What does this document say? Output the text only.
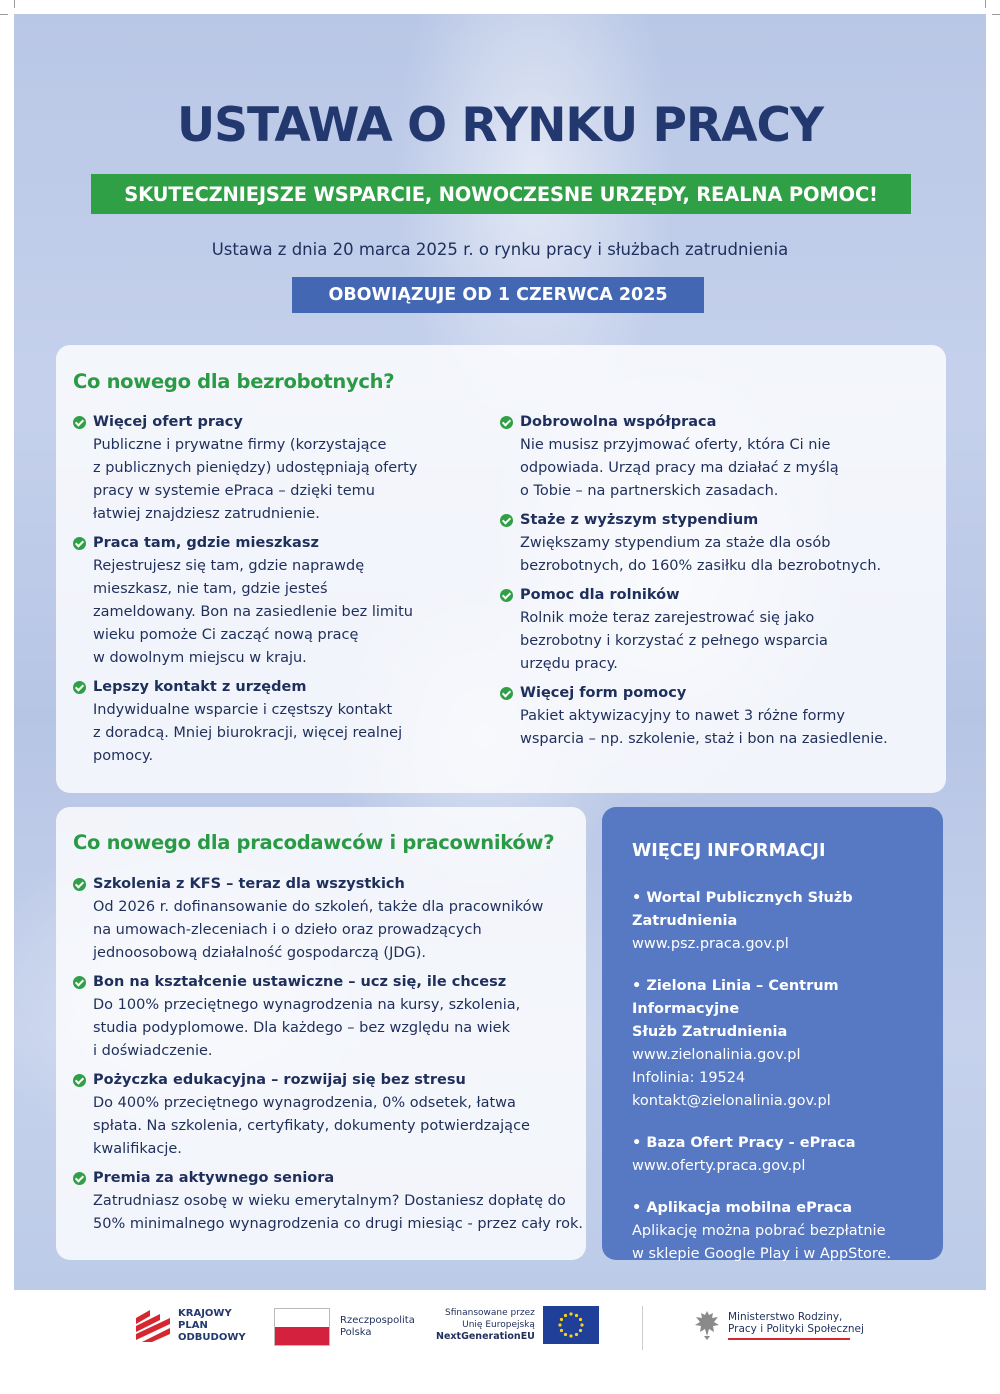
USTAWA O RYNKU PRACY
SKUTECZNIEJSZE WSPARCIE, NOWOCZESNE URZĘDY, REALNA POMOC!
Ustawa z dnia 20 marca 2025 r. o rynku pracy i służbach zatrudnienia
OBOWIĄZUJE OD 1 CZERWCA 2025
Co nowego dla bezrobotnych?
Więcej ofert pracy
Publiczne i prywatne firmy (korzystające
z publicznych pieniędzy) udostępniają oferty
pracy w systemie ePraca – dzięki temu
łatwiej znajdziesz zatrudnienie.
Praca tam, gdzie mieszkasz
Rejestrujesz się tam, gdzie naprawdę
mieszkasz, nie tam, gdzie jesteś
zameldowany. Bon na zasiedlenie bez limitu
wieku pomoże Ci zacząć nową pracę
w dowolnym miejscu w kraju.
Lepszy kontakt z urzędem
Indywidualne wsparcie i częstszy kontakt
z doradcą. Mniej biurokracji, więcej realnej
pomocy.
Dobrowolna współpraca
Nie musisz przyjmować oferty, która Ci nie
odpowiada. Urząd pracy ma działać z myślą
o Tobie – na partnerskich zasadach.
Staże z wyższym stypendium
Zwiększamy stypendium za staże dla osób
bezrobotnych, do 160% zasiłku dla bezrobotnych.
Pomoc dla rolników
Rolnik może teraz zarejestrować się jako
bezrobotny i korzystać z pełnego wsparcia
urzędu pracy.
Więcej form pomocy
Pakiet aktywizacyjny to nawet 3 różne formy
wsparcia – np. szkolenie, staż i bon na zasiedlenie.
Co nowego dla pracodawców i pracowników?
Szkolenia z KFS – teraz dla wszystkich
Od 2026 r. dofinansowanie do szkoleń, także dla pracowników
na umowach-zleceniach i o dzieło oraz prowadzących
jednoosobową działalność gospodarczą (JDG).
Bon na kształcenie ustawiczne – ucz się, ile chcesz
Do 100% przeciętnego wynagrodzenia na kursy, szkolenia,
studia podyplomowe. Dla każdego – bez względu na wiek
i doświadczenie.
Pożyczka edukacyjna – rozwijaj się bez stresu
Do 400% przeciętnego wynagrodzenia, 0% odsetek, łatwa
spłata. Na szkolenia, certyfikaty, dokumenty potwierdzające
kwalifikacje.
Premia za aktywnego seniora
Zatrudniasz osobę w wieku emerytalnym? Dostaniesz dopłatę do
50% minimalnego wynagrodzenia co drugi miesiąc - przez cały rok.
WIĘCEJ INFORMACJI
• Wortal Publicznych Służb Zatrudnienia
www.psz.praca.gov.pl
• Zielona Linia – Centrum Informacyjne
Służb Zatrudnienia
www.zielonalinia.gov.pl
Infolinia: 19524
kontakt@zielonalinia.gov.pl
• Baza Ofert Pracy - ePraca
www.oferty.praca.gov.pl
• Aplikacja mobilna ePraca
Aplikację można pobrać bezpłatnie
w sklepie Google Play i w AppStore.
KRAJOWY
PLAN
ODBUDOWY
Rzeczpospolita
Polska
Sfinansowane przez
Unię Europejską
NextGenerationEU
Ministerstwo Rodziny,
Pracy i Polityki Społecznej
